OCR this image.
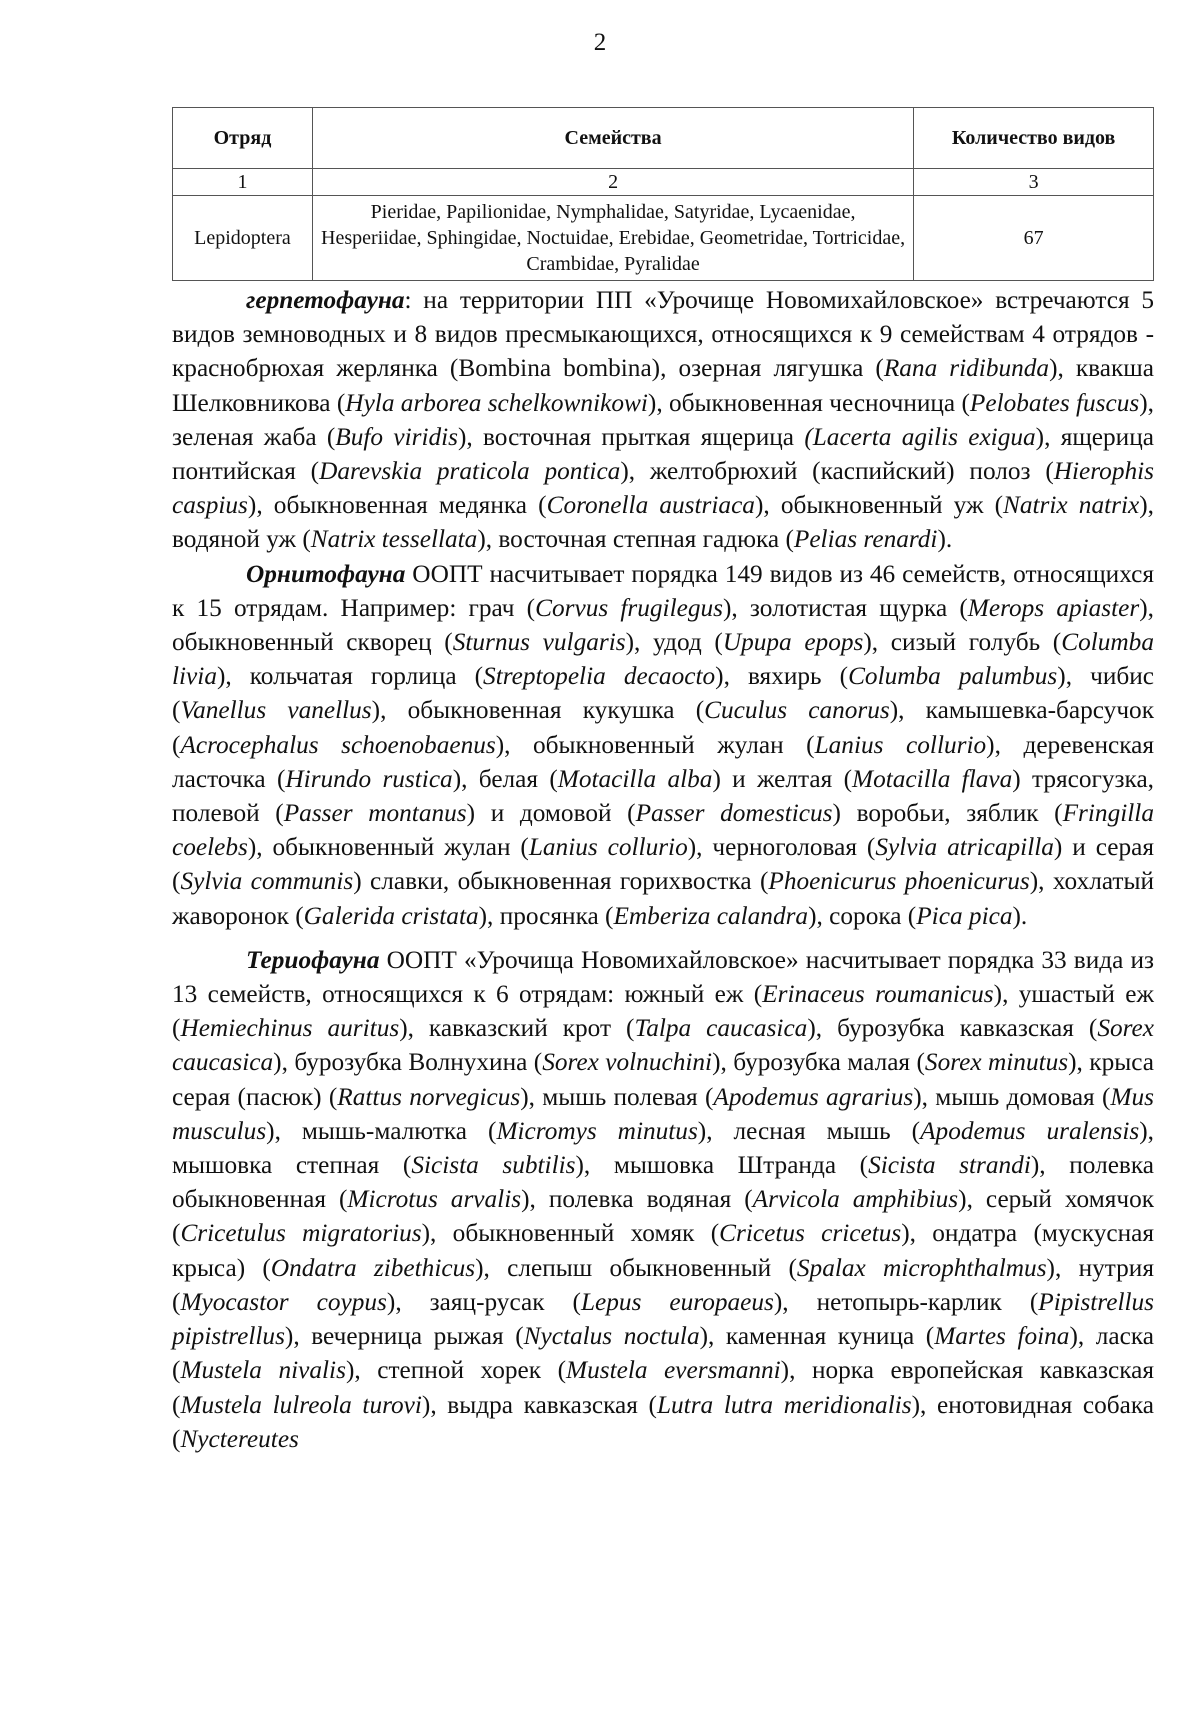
2
Отряд	Семейства	Количество видов
1	2	3
Lepidoptera	Pieridae, Papilionidae, Nymphalidae, Satyridae, Lycaenidae, Hesperiidae, Sphingidae, Noctuidae, Erebidae, Geometridae, Tortricidae, Crambidae, Pyralidae	67

герпетофауна: на территории ПП «Урочище Новомихайловское» встречаются 5 видов земноводных и 8 видов пресмыкающихся, относящихся к 9 семействам 4 отрядов - краснобрюхая жерлянка (Bombina bombina), озерная лягушка (Rana ridibunda), квакша Шелковникова (Hyla arborea schelkownikowi), обыкновенная чесночница (Pelobates fuscus), зеленая жаба (Bufo viridis), восточная прыткая ящерица (Lacerta agilis exigua), ящерица понтийская (Darevskia praticola pontica), желтобрюхий (каспийский) полоз (Hierophis caspius), обыкновенная медянка (Coronella austriaca), обыкновенный уж (Natrix natrix), водяной уж (Natrix tessellata), восточная степная гадюка (Pelias renardi).

Орнитофауна ООПТ насчитывает порядка 149 видов из 46 семейств, относящихся к 15 отрядам. Например: грач (Corvus frugilegus), золотистая щурка (Merops apiaster), обыкновенный скворец (Sturnus vulgaris), удод (Upupa epops), сизый голубь (Columba livia), кольчатая горлица (Streptopelia decaocto), вяхирь (Columba palumbus), чибис (Vanellus vanellus), обыкновенная кукушка (Cuculus canorus), камышевка-барсучок (Acrocephalus schoenobaenus), обыкновенный жулан (Lanius collurio), деревенская ласточка (Hirundo rustica), белая (Motacilla alba) и желтая (Motacilla flava) трясогузка, полевой (Passer montanus) и домовой (Passer domesticus) воробьи, зяблик (Fringilla coelebs), обыкновенный жулан (Lanius collurio), черноголовая (Sylvia atricapilla) и серая (Sylvia communis) славки, обыкновенная горихвостка (Phoenicurus phoenicurus), хохлатый жаворонок (Galerida cristata), просянка (Emberiza calandra), сорока (Pica pica).

Териофауна ООПТ «Урочища Новомихайловское» насчитывает порядка 33 вида из 13 семейств, относящихся к 6 отрядам: южный еж (Erinaceus roumanicus), ушастый еж (Hemiechinus auritus), кавказский крот (Talpa caucasica), бурозубка кавказская (Sorex caucasica), бурозубка Волнухина (Sorex volnuchini), бурозубка малая (Sorex minutus), крыса серая (пасюк) (Rattus norvegicus), мышь полевая (Apodemus agrarius), мышь домовая (Mus musculus), мышь-малютка (Micromys minutus), лесная мышь (Apodemus uralensis), мышовка степная (Sicista subtilis), мышовка Штранда (Sicista strandi), полевка обыкновенная (Microtus arvalis), полевка водяная (Arvicola amphibius), серый хомячок (Cricetulus migratorius), обыкновенный хомяк (Cricetus cricetus), ондатра (мускусная крыса) (Ondatra zibethicus), слепыш обыкновенный (Spalax microphthalmus), нутрия (Myocastor coypus), заяц-русак (Lepus europaeus), нетопырь-карлик (Pipistrellus pipistrellus), вечерница рыжая (Nyctalus noctula), каменная куница (Martes foina), ласка (Mustela nivalis), степной хорек (Mustela eversmanni), норка европейская кавказская (Mustela lulreola turovi), выдра кавказская (Lutra lutra meridionalis), енотовидная собака (Nyctereutes
